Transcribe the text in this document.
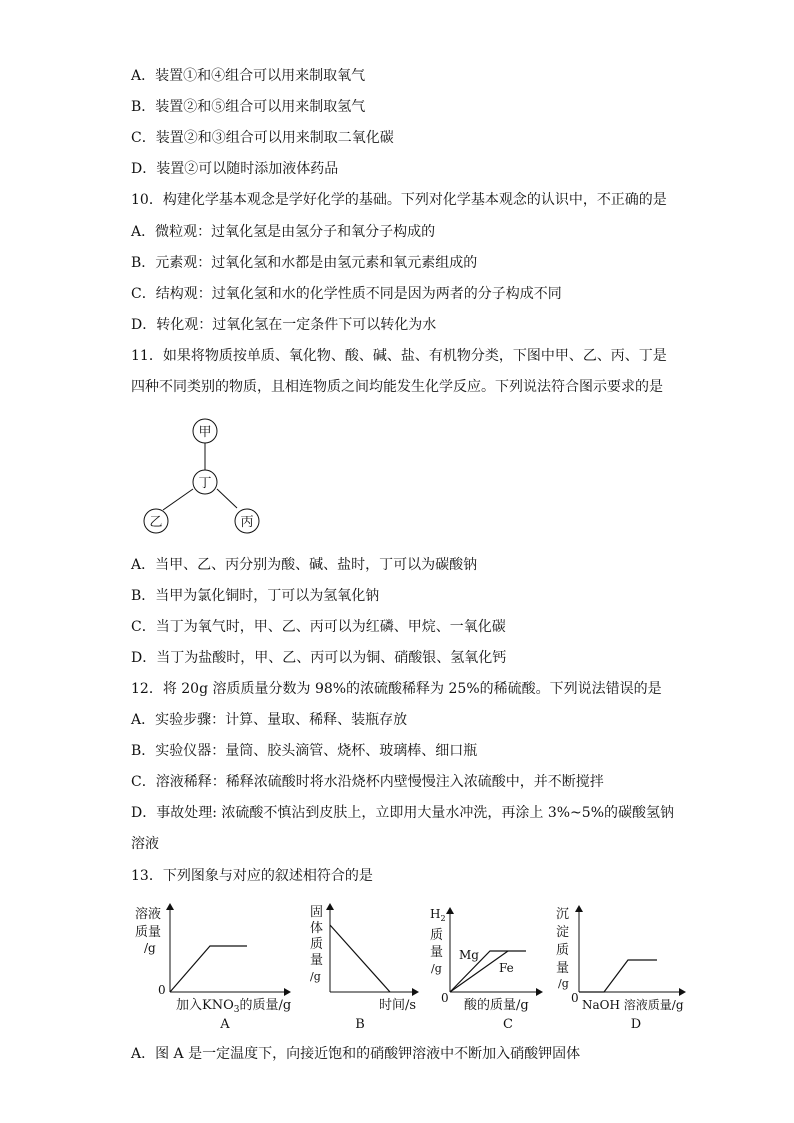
A．装置①和④组合可以用来制取氧气
B．装置②和⑤组合可以用来制取氢气
C．装置②和③组合可以用来制取二氧化碳
D．装置②可以随时添加液体药品
10．构建化学基本观念是学好化学的基础。下列对化学基本观念的认识中，不正确的是
A．微粒观：过氧化氢是由氢分子和氧分子构成的
B．元素观：过氧化氢和水都是由氢元素和氧元素组成的
C．结构观：过氧化氢和水的化学性质不同是因为两者的分子构成不同
D．转化观：过氧化氢在一定条件下可以转化为水
11．如果将物质按单质、氧化物、酸、碱、盐、有机物分类，下图中甲、乙、丙、丁是
四种不同类别的物质，且相连物质之间均能发生化学反应。下列说法符合图示要求的是
甲
丁
乙	丙
A．当甲、乙、丙分别为酸、碱、盐时，丁可以为碳酸钠
B．当甲为氯化铜时，丁可以为氢氧化钠
C．当丁为氧气时，甲、乙、丙可以为红磷、甲烷、一氧化碳
D．当丁为盐酸时，甲、乙、丙可以为铜、硝酸银、氢氧化钙
12．将 20g 溶质质量分数为 98%的浓硫酸稀释为 25%的稀硫酸。下列说法错误的是
A．实验步骤：计算、量取、稀释、装瓶存放
B．实验仪器：量筒、胶头滴管、烧杯、玻璃棒、细口瓶
C．溶液稀释：稀释浓硫酸时将水沿烧杯内壁慢慢注入浓硫酸中，并不断搅拌
D．事故处理: 浓硫酸不慎沾到皮肤上，立即用大量水冲洗，再涂上 3%~5%的碳酸氢钠
溶液
13．下列图象与对应的叙述相符合的是
溶液
质量
/g
0
加入$KNO_3$的质量/g
A
固
体
质
量
/g
时间/s
B
$H_2$
质
量
/g
0
Mg
Fe
酸的质量/g
C
沉
淀
质
量
/g
0 NaOH 溶液质量/g
D
A．图 A 是一定温度下，向接近饱和的硝酸钾溶液中不断加入硝酸钾固体
